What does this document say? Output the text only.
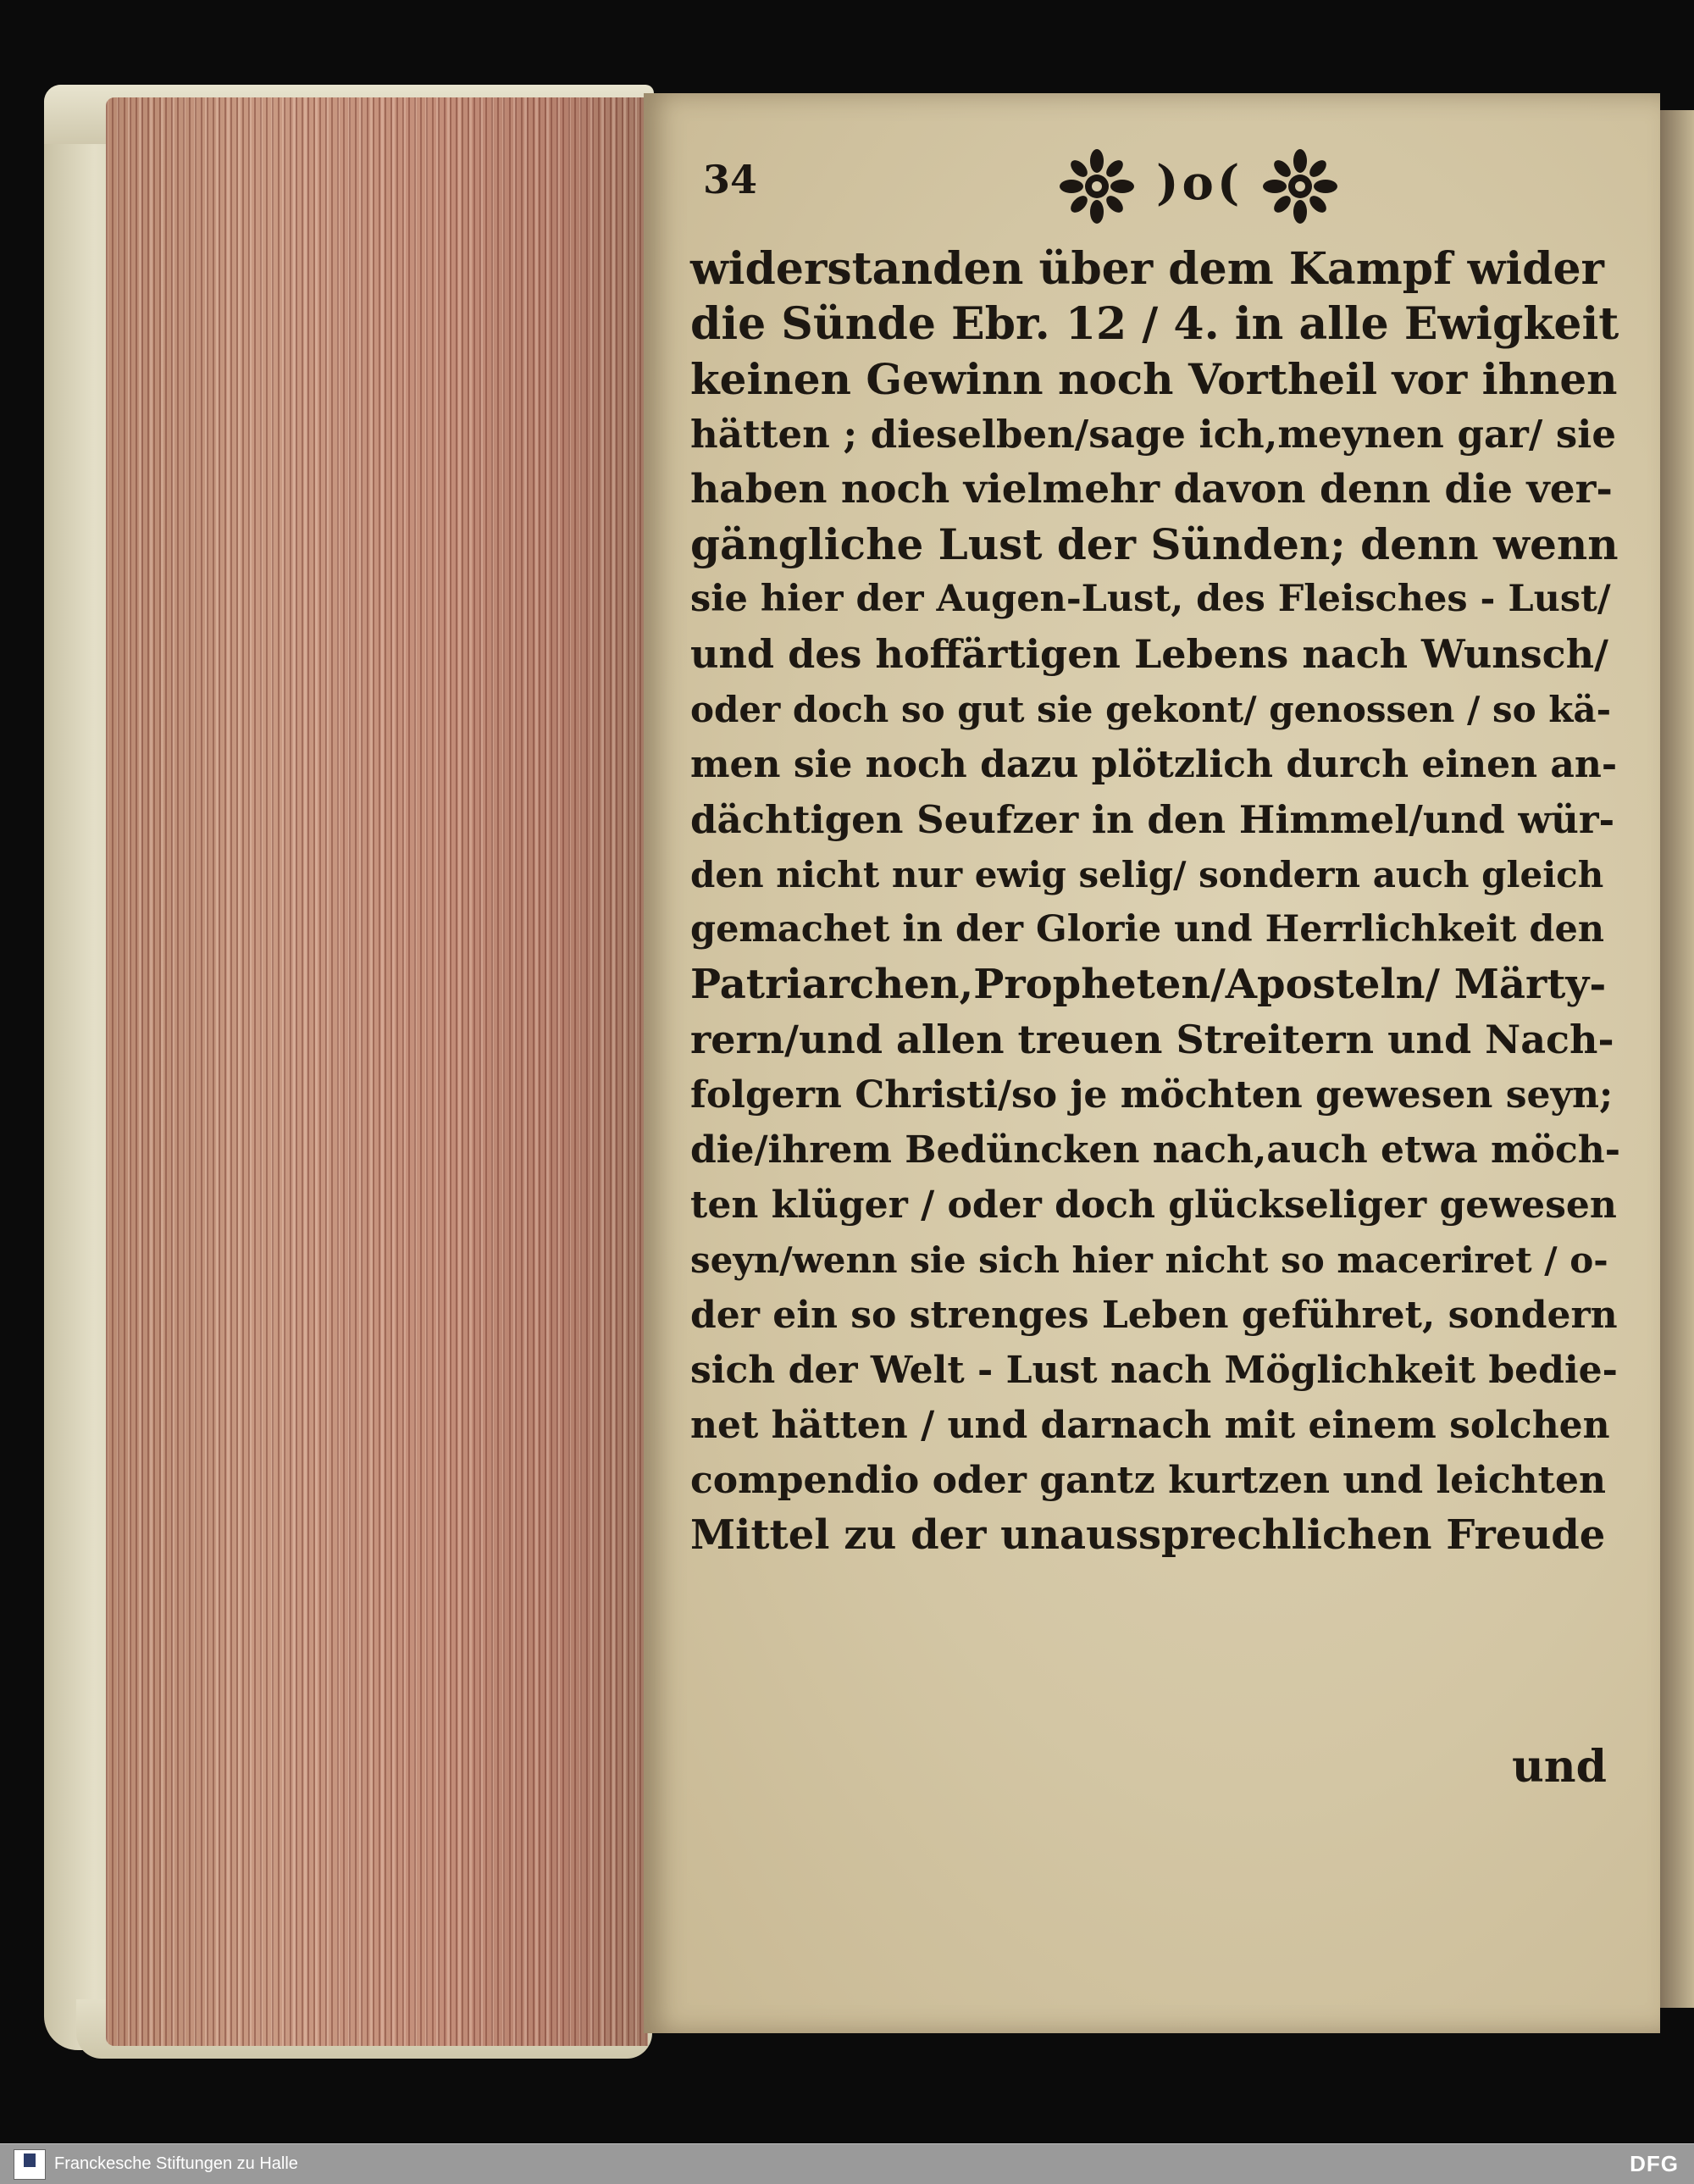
34	)o(
widerstanden über dem Kampf wider
die Sünde Ebr. 12 / 4. in alle Ewigkeit
keinen Gewinn noch Vortheil vor ihnen
hätten ; dieselben/sage ich,meynen gar/ sie
haben noch vielmehr davon denn die ver-
gängliche Lust der Sünden; denn wenn
sie hier der Augen-Lust, des Fleisches - Lust/
und des hoffärtigen Lebens nach Wunsch/
oder doch so gut sie gekont/ genossen / so kä-
men sie noch dazu plötzlich durch einen an-
dächtigen Seufzer in den Himmel/und wür-
den nicht nur ewig selig/ sondern auch gleich
gemachet in der Glorie und Herrlichkeit den
Patriarchen,Propheten/Aposteln/ Märty-
rern/und allen treuen Streitern und Nach-
folgern Christi/so je möchten gewesen seyn;
die/ihrem Bedüncken nach,auch etwa möch-
ten klüger / oder doch glückseliger gewesen
seyn/wenn sie sich hier nicht so maceriret / o-
der ein so strenges Leben geführet, sondern
sich der Welt - Lust nach Möglichkeit bedie-
net hätten / und darnach mit einem solchen
compendio oder gantz kurtzen und leichten
Mittel zu der unaussprechlichen Freude
und
Franckesche Stiftungen zu Halle	DFG
